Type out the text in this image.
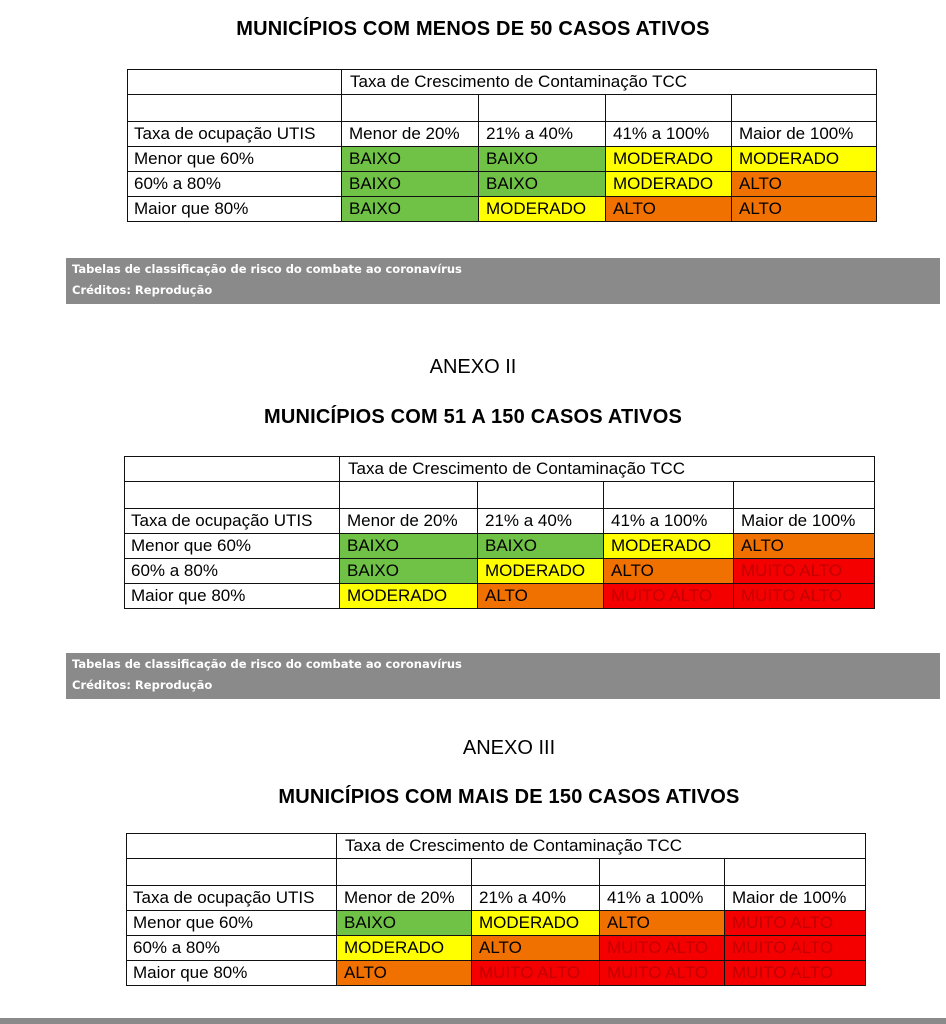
MUNICÍPIOS COM MENOS DE 50 CASOS ATIVOS
	Taxa de Crescimento de Contaminação TCC			

Taxa de ocupação UTIS	Menor de 20%	21% a 40%	41% a 100%	Maior de 100%
Menor que 60%	BAIXO	BAIXO	MODERADO	MODERADO
60% a 80%	BAIXO	BAIXO	MODERADO	ALTO
Maior que 80%	BAIXO	MODERADO	ALTO	ALTO
Tabelas de classificação de risco do combate ao coronavírus
Créditos: Reprodução
ANEXO II
MUNICÍPIOS COM 51 A 150 CASOS ATIVOS
	Taxa de Crescimento de Contaminação TCC			

Taxa de ocupação UTIS	Menor de 20%	21% a 40%	41% a 100%	Maior de 100%
Menor que 60%	BAIXO	BAIXO	MODERADO	ALTO
60% a 80%	BAIXO	MODERADO	ALTO	MUITO ALTO
Maior que 80%	MODERADO	ALTO	MUITO ALTO	MUITO ALTO
Tabelas de classificação de risco do combate ao coronavírus
Créditos: Reprodução
ANEXO III
MUNICÍPIOS COM MAIS DE 150 CASOS ATIVOS
	Taxa de Crescimento de Contaminação TCC			

Taxa de ocupação UTIS	Menor de 20%	21% a 40%	41% a 100%	Maior de 100%
Menor que 60%	BAIXO	MODERADO	ALTO	MUITO ALTO
60% a 80%	MODERADO	ALTO	MUITO ALTO	MUITO ALTO
Maior que 80%	ALTO	MUITO ALTO	MUITO ALTO	MUITO ALTO
